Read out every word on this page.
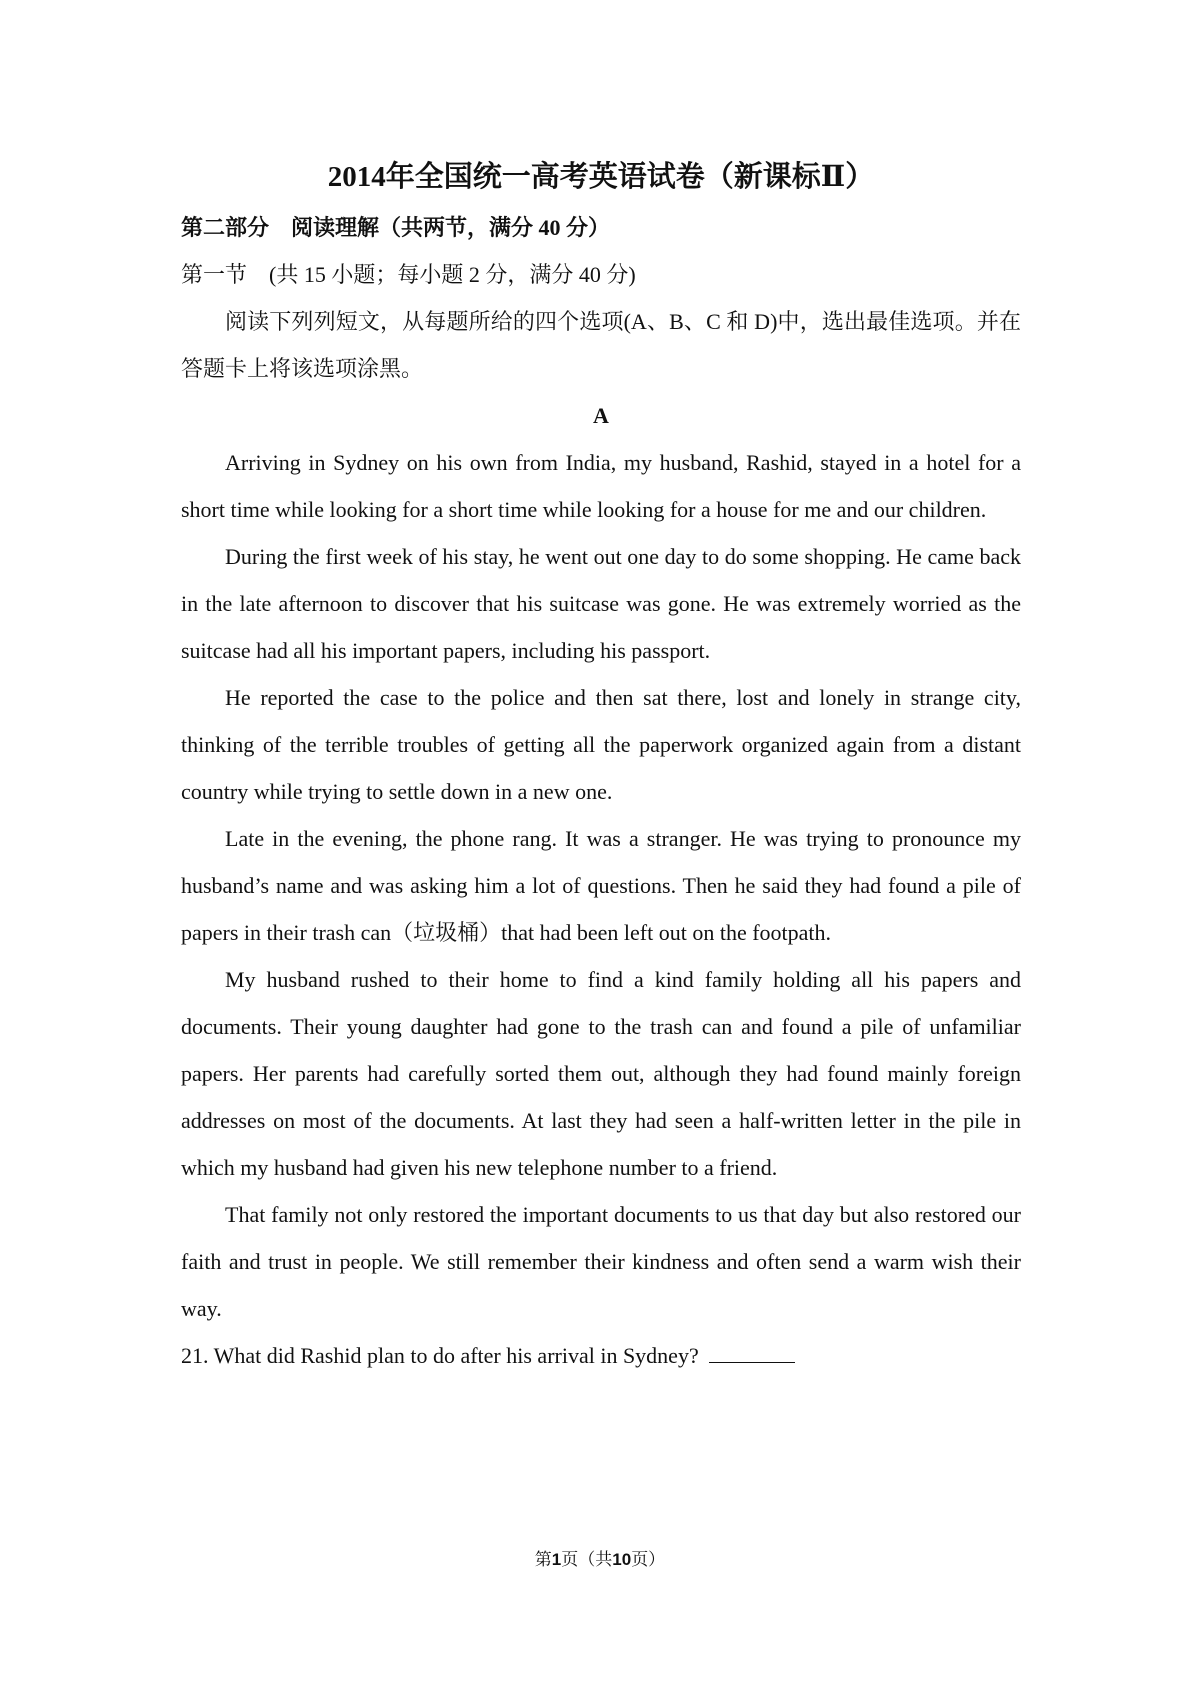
2014年全国统一高考英语试卷（新课标Ⅱ）

第二部分　阅读理解（共两节，满分 40 分）

第一节　(共 15 小题；每小题 2 分，满分 40 分)

阅读下列列短文，从每题所给的四个选项(A、B、C 和 D)中，选出最佳选项。并在答题卡上将该选项涂黑。

A

Arriving in Sydney on his own from India, my husband, Rashid, stayed in a hotel for a short time while looking for a short time while looking for a house for me and our children.

During the first week of his stay, he went out one day to do some shopping. He came back in the late afternoon to discover that his suitcase was gone. He was extremely worried as the suitcase had all his important papers, including his passport.

He reported the case to the police and then sat there, lost and lonely in strange city, thinking of the terrible troubles of getting all the paperwork organized again from a distant country while trying to settle down in a new one.

Late in the evening, the phone rang. It was a stranger. He was trying to pronounce my husband’s name and was asking him a lot of questions. Then he said they had found a pile of papers in their trash can（垃圾桶）that had been left out on the footpath.

My husband rushed to their home to find a kind family holding all his papers and documents. Their young daughter had gone to the trash can and found a pile of unfamiliar papers. Her parents had carefully sorted them out, although they had found mainly foreign addresses on most of the documents. At last they had seen a half-written letter in the pile in which my husband had given his new telephone number to a friend.

That family not only restored the important documents to us that day but also restored our faith and trust in people. We still remember their kindness and often send a warm wish their way.

21. What did Rashid plan to do after his arrival in Sydney?

第1页（共10页）
